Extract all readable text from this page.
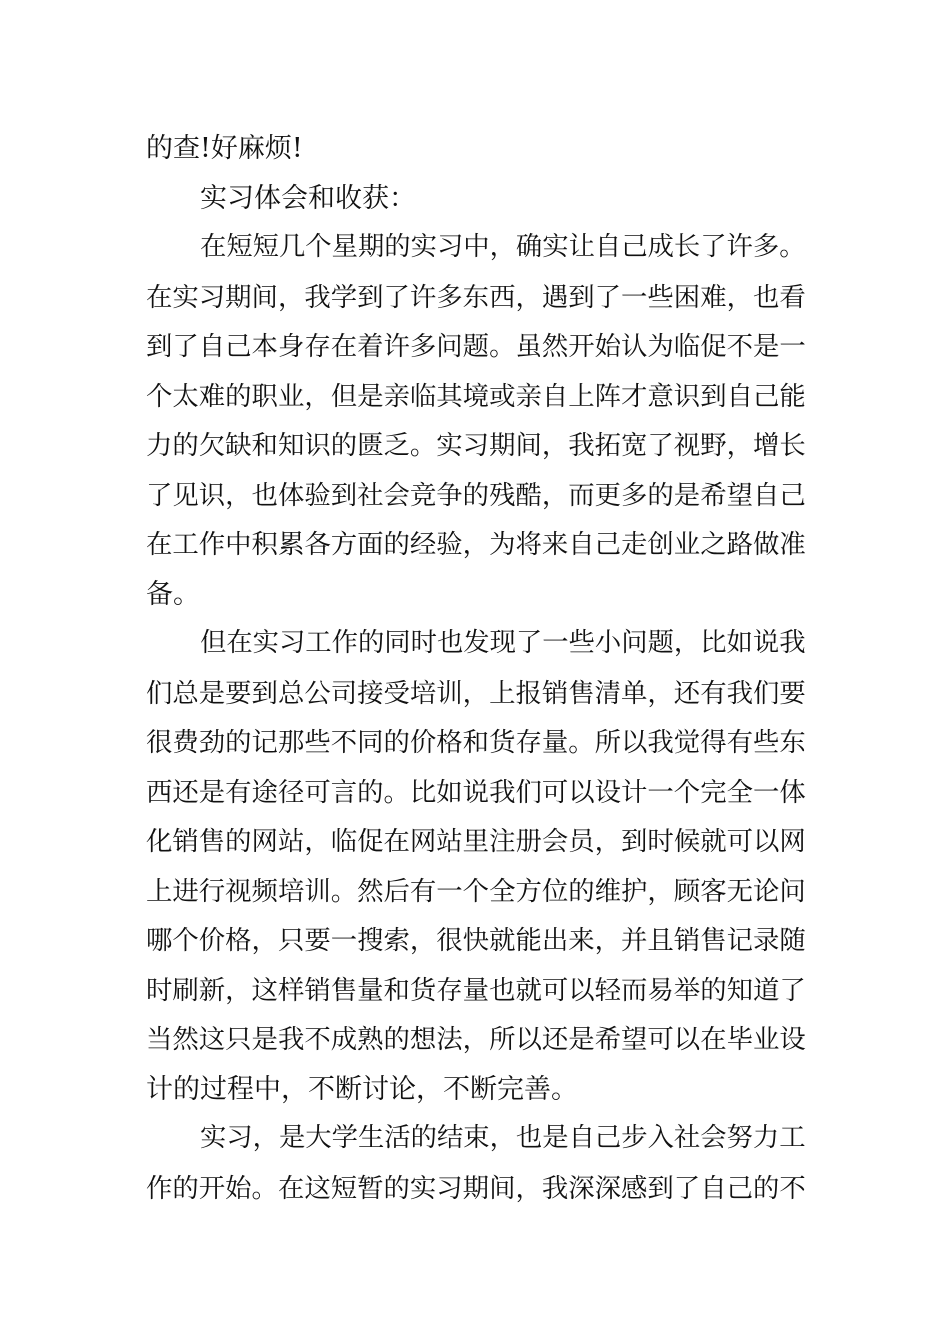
的查!好麻烦!
实习体会和收获：
在短短几个星期的实习中，确实让自己成长了许多。
在实习期间，我学到了许多东西，遇到了一些困难，也看
到了自己本身存在着许多问题。虽然开始认为临促不是一
个太难的职业，但是亲临其境或亲自上阵才意识到自己能
力的欠缺和知识的匮乏。实习期间，我拓宽了视野，增长
了见识，也体验到社会竞争的残酷，而更多的是希望自己
在工作中积累各方面的经验，为将来自己走创业之路做准
备。
但在实习工作的同时也发现了一些小问题，比如说我
们总是要到总公司接受培训，上报销售清单，还有我们要
很费劲的记那些不同的价格和货存量。所以我觉得有些东
西还是有途径可言的。比如说我们可以设计一个完全一体
化销售的网站，临促在网站里注册会员，到时候就可以网
上进行视频培训。然后有一个全方位的维护，顾客无论问
哪个价格，只要一搜索，很快就能出来，并且销售记录随
时刷新，这样销售量和货存量也就可以轻而易举的知道了
当然这只是我不成熟的想法，所以还是希望可以在毕业设
计的过程中，不断讨论，不断完善。
实习，是大学生活的结束，也是自己步入社会努力工
作的开始。在这短暂的实习期间，我深深感到了自己的不
